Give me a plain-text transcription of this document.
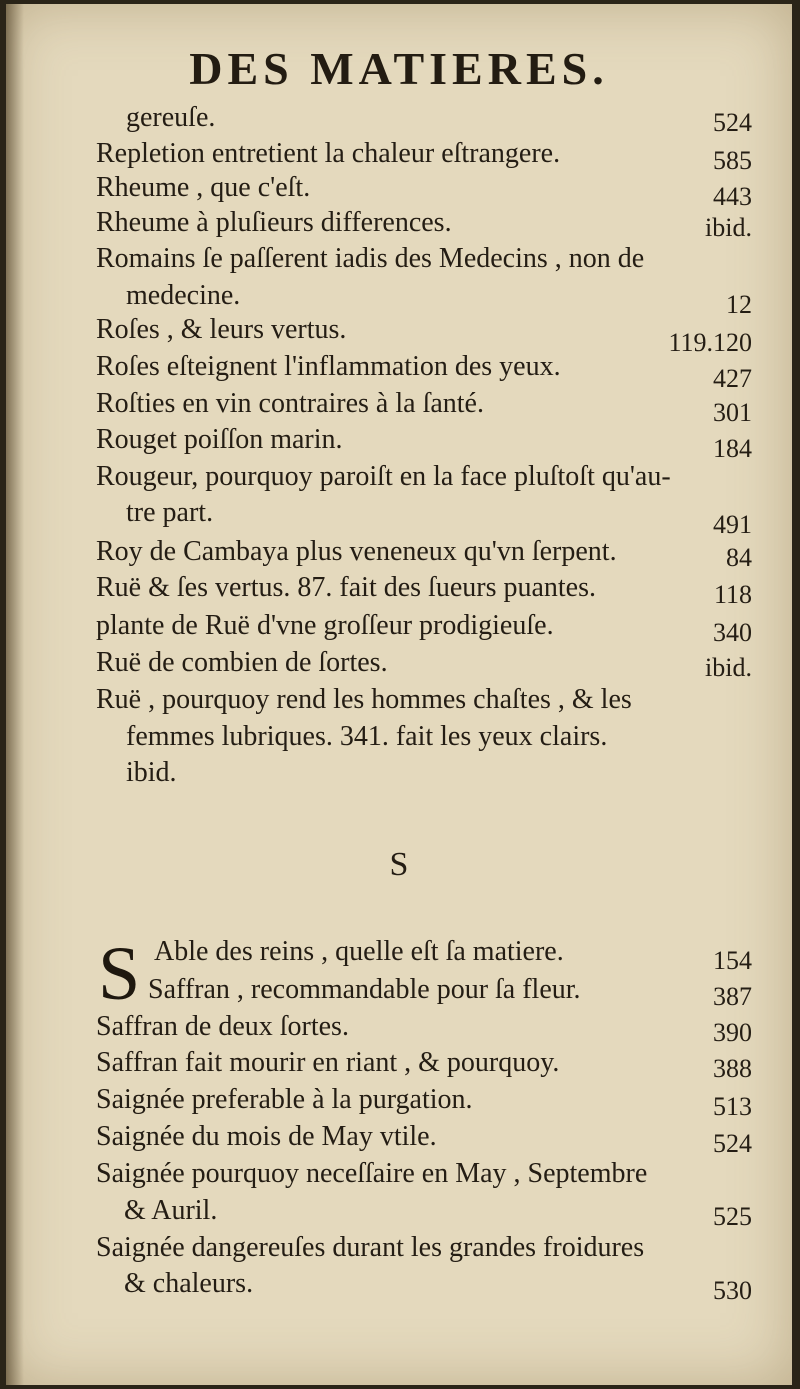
DES MATIERES.
gereuſe.	524
Repletion entretient la chaleur eſtrangere.	585
Rheume , que c'eſt.	443
Rheume à pluſieurs differences.	ibid.
Romains ſe paſſerent iadis des Medecins , non de
medecine.	12
Roſes , & leurs vertus.	119.120
Roſes eſteignent l'inflammation des yeux.	427
Roſties en vin contraires à la ſanté.	301
Rouget poiſſon marin.	184
Rougeur, pourquoy paroiſt en la face pluſtoſt qu'au-
tre part.	491
Roy de Cambaya plus veneneux qu'vn ſerpent.	84
Ruë & ſes vertus. 87. fait des ſueurs puantes.	118
plante de Ruë d'vne groſſeur prodigieuſe.	340
Ruë de combien de ſortes.	ibid.
Ruë , pourquoy rend les hommes chaſtes , & les
femmes lubriques. 341. fait les yeux clairs.
ibid.
S
S Able des reins , quelle eſt ſa matiere.	154
Saffran , recommandable pour ſa fleur.	387
Saffran de deux ſortes.	390
Saffran fait mourir en riant , & pourquoy.	388
Saignée preferable à la purgation.	513
Saignée du mois de May vtile.	524
Saignée pourquoy neceſſaire en May , Septembre
& Auril.	525
Saignée dangereuſes durant les grandes froidures
& chaleurs.	530
